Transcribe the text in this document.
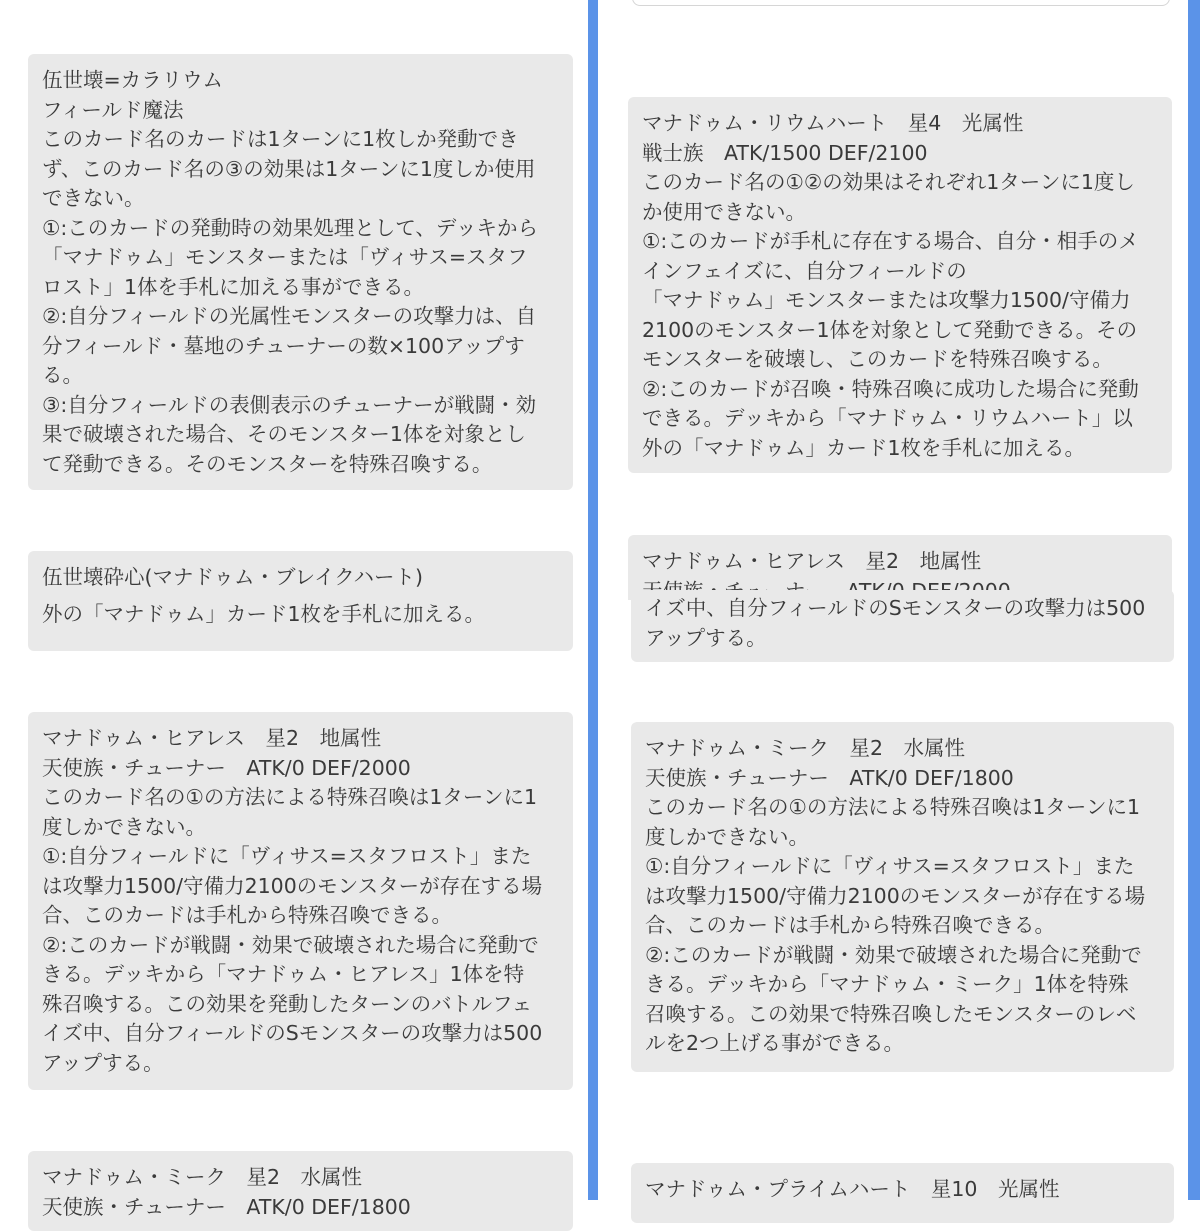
伍世壊=カラリウム
フィールド魔法
このカード名のカードは1ターンに1枚しか発動でき
ず、このカード名の③の効果は1ターンに1度しか使用
できない。
①:このカードの発動時の効果処理として、デッキから
「マナドゥム」モンスターまたは「ヴィサス=スタフ
ロスト」1体を手札に加える事ができる。
②:自分フィールドの光属性モンスターの攻撃力は、自
分フィールド・墓地のチューナーの数×100アップす
る。
③:自分フィールドの表側表示のチューナーが戦闘・効
果で破壊された場合、そのモンスター1体を対象とし
て発動できる。そのモンスターを特殊召喚する。
伍世壊砕心(マナドゥム・ブレイクハート)
外の「マナドゥム」カード1枚を手札に加える。
マナドゥム・ヒアレス　星2　地属性
天使族・チューナー　ATK/0 DEF/2000
このカード名の①の方法による特殊召喚は1ターンに1
度しかできない。
①:自分フィールドに「ヴィサス=スタフロスト」また
は攻撃力1500/守備力2100のモンスターが存在する場
合、このカードは手札から特殊召喚できる。
②:このカードが戦闘・効果で破壊された場合に発動で
きる。デッキから「マナドゥム・ヒアレス」1体を特
殊召喚する。この効果を発動したターンのバトルフェ
イズ中、自分フィールドのSモンスターの攻撃力は500
アップする。
マナドゥム・ミーク　星2　水属性
天使族・チューナー　ATK/0 DEF/1800
マナドゥム・リウムハート　星4　光属性
戦士族　ATK/1500 DEF/2100
このカード名の①②の効果はそれぞれ1ターンに1度し
か使用できない。
①:このカードが手札に存在する場合、自分・相手のメ
インフェイズに、自分フィールドの
「マナドゥム」モンスターまたは攻撃力1500/守備力
2100のモンスター1体を対象として発動できる。その
モンスターを破壊し、このカードを特殊召喚する。
②:このカードが召喚・特殊召喚に成功した場合に発動
できる。デッキから「マナドゥム・リウムハート」以
外の「マナドゥム」カード1枚を手札に加える。
マナドゥム・ヒアレス　星2　地属性
イズ中、自分フィールドのSモンスターの攻撃力は500
アップする。
マナドゥム・ミーク　星2　水属性
天使族・チューナー　ATK/0 DEF/1800
このカード名の①の方法による特殊召喚は1ターンに1
度しかできない。
①:自分フィールドに「ヴィサス=スタフロスト」また
は攻撃力1500/守備力2100のモンスターが存在する場
合、このカードは手札から特殊召喚できる。
②:このカードが戦闘・効果で破壊された場合に発動で
きる。デッキから「マナドゥム・ミーク」1体を特殊
召喚する。この効果で特殊召喚したモンスターのレベ
ルを2つ上げる事ができる。
マナドゥム・プライムハート　星10　光属性
